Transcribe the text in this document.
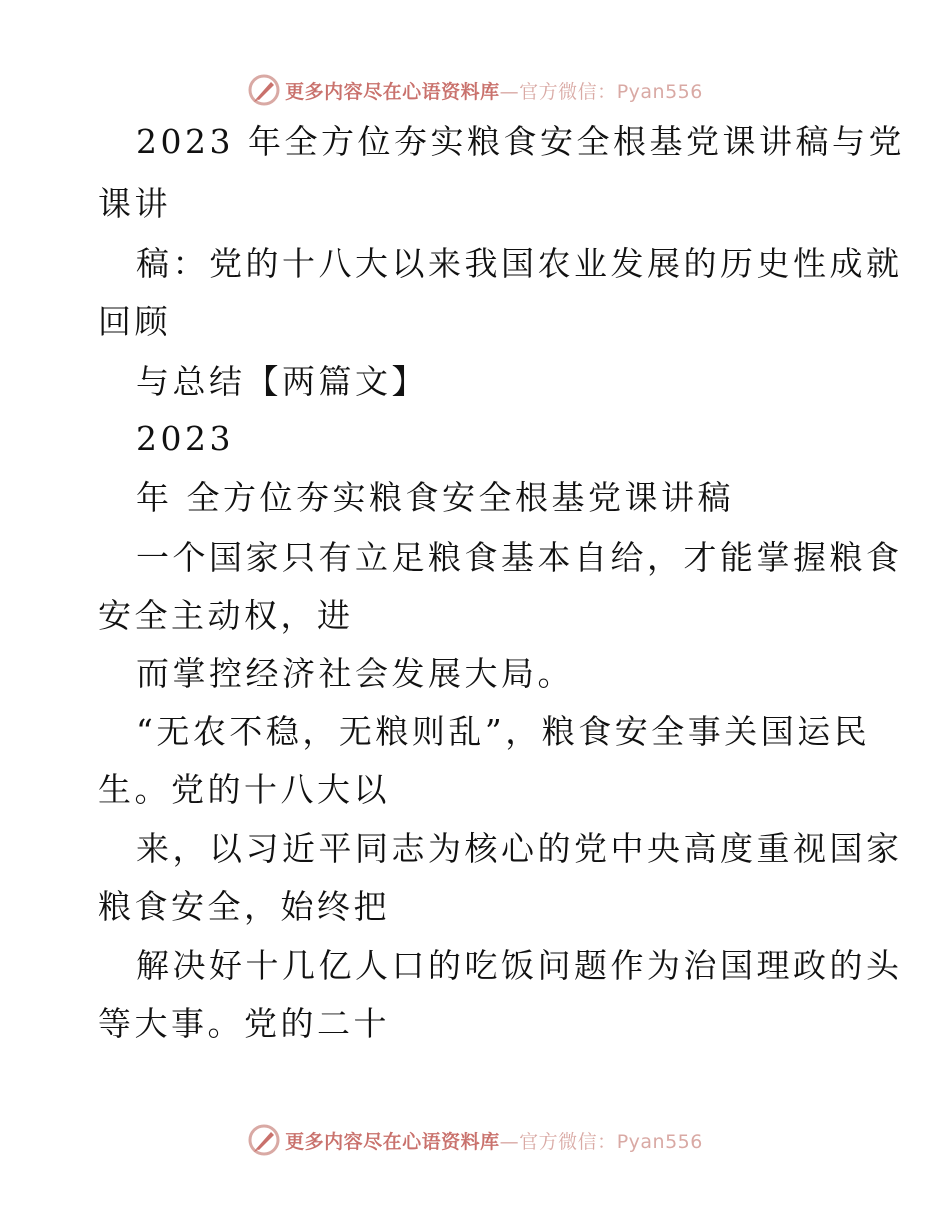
更多内容尽在心语资料库—官方微信：Pyan556
2023 年全方位夯实粮食安全根基党课讲稿与党
课讲
稿：党的十八大以来我国农业发展的历史性成就
回顾
与总结【两篇文】
2023
年 全方位夯实粮食安全根基党课讲稿
一个国家只有立足粮食基本自给，才能掌握粮食
安全主动权，进
而掌控经济社会发展大局。
“无农不稳，无粮则乱”，粮食安全事关国运民
生。党的十八大以
来，以习近平同志为核心的党中央高度重视国家
粮食安全，始终把
解决好十几亿人口的吃饭问题作为治国理政的头
等大事。党的二十
更多内容尽在心语资料库—官方微信：Pyan556
